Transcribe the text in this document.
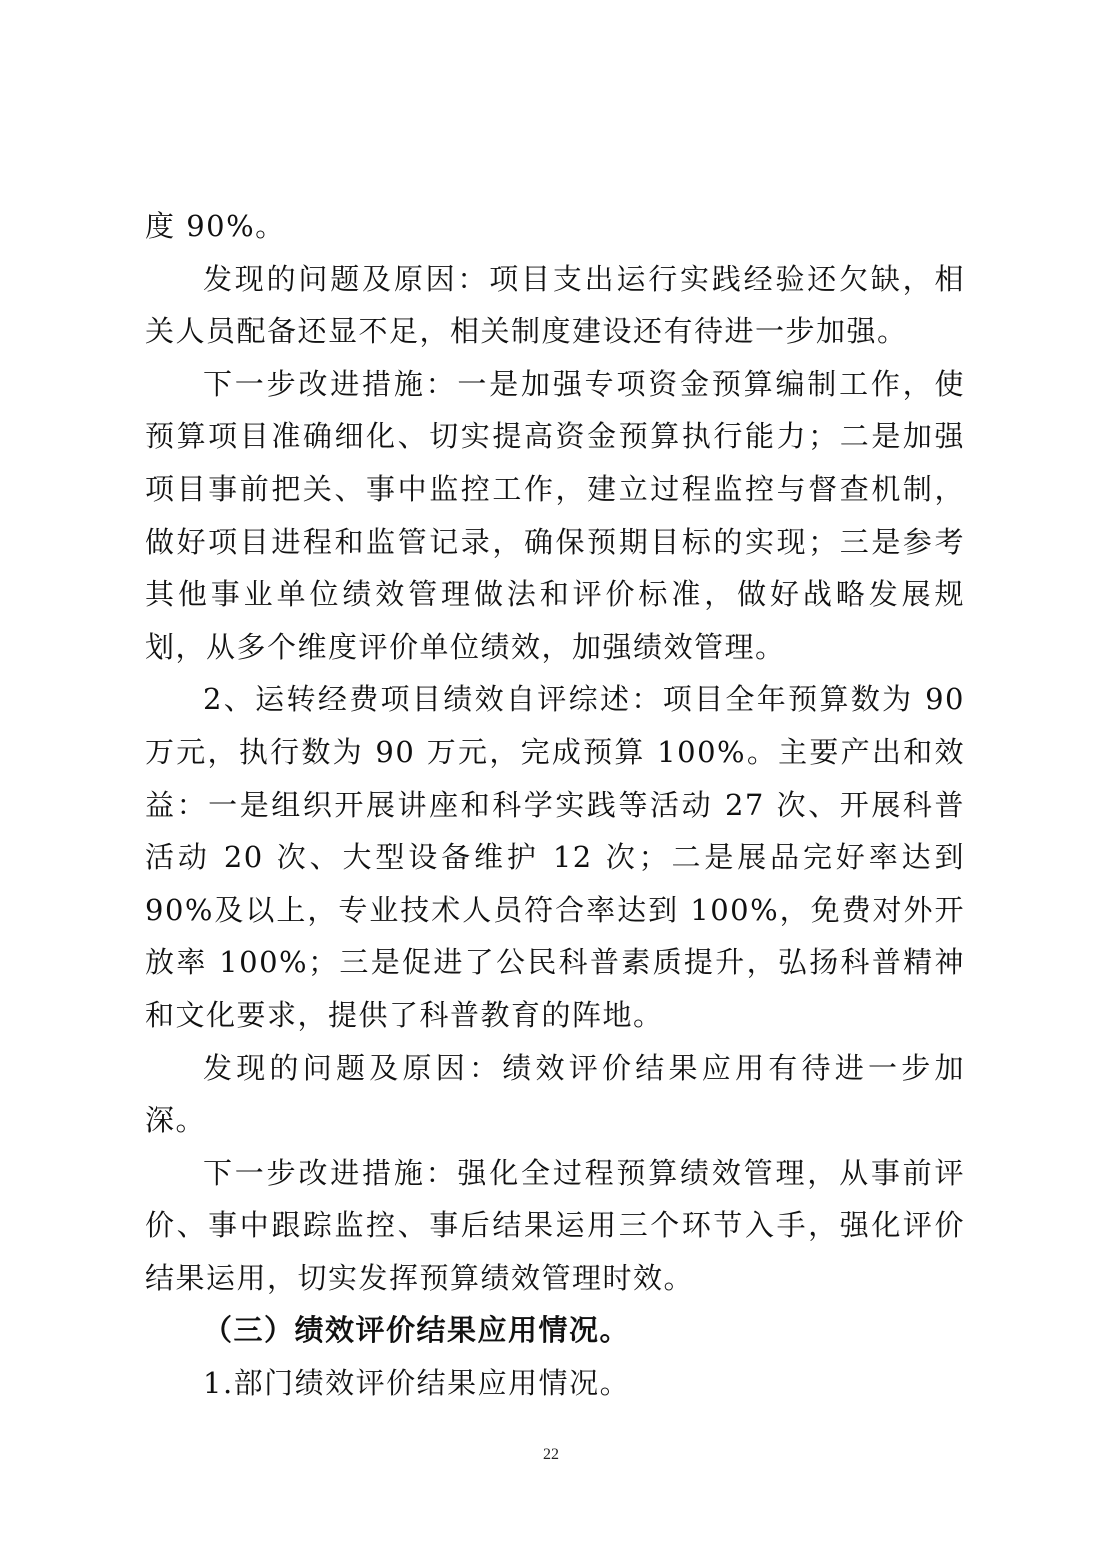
度 90%。

发现的问题及原因：项目支出运行实践经验还欠缺，相关人员配备还显不足，相关制度建设还有待进一步加强。

下一步改进措施：一是加强专项资金预算编制工作，使预算项目准确细化、切实提高资金预算执行能力；二是加强项目事前把关、事中监控工作，建立过程监控与督查机制，做好项目进程和监管记录，确保预期目标的实现；三是参考其他事业单位绩效管理做法和评价标准，做好战略发展规划，从多个维度评价单位绩效，加强绩效管理。

2、运转经费项目绩效自评综述：项目全年预算数为 90 万元，执行数为 90 万元，完成预算 100%。主要产出和效益：一是组织开展讲座和科学实践等活动 27 次、开展科普活动 20 次、大型设备维护 12 次；二是展品完好率达到 90%及以上，专业技术人员符合率达到 100%，免费对外开放率 100%；三是促进了公民科普素质提升，弘扬科普精神和文化要求，提供了科普教育的阵地。

发现的问题及原因：绩效评价结果应用有待进一步加深。

下一步改进措施：强化全过程预算绩效管理，从事前评价、事中跟踪监控、事后结果运用三个环节入手，强化评价结果运用，切实发挥预算绩效管理时效。

（三）绩效评价结果应用情况。

1.部门绩效评价结果应用情况。

22
